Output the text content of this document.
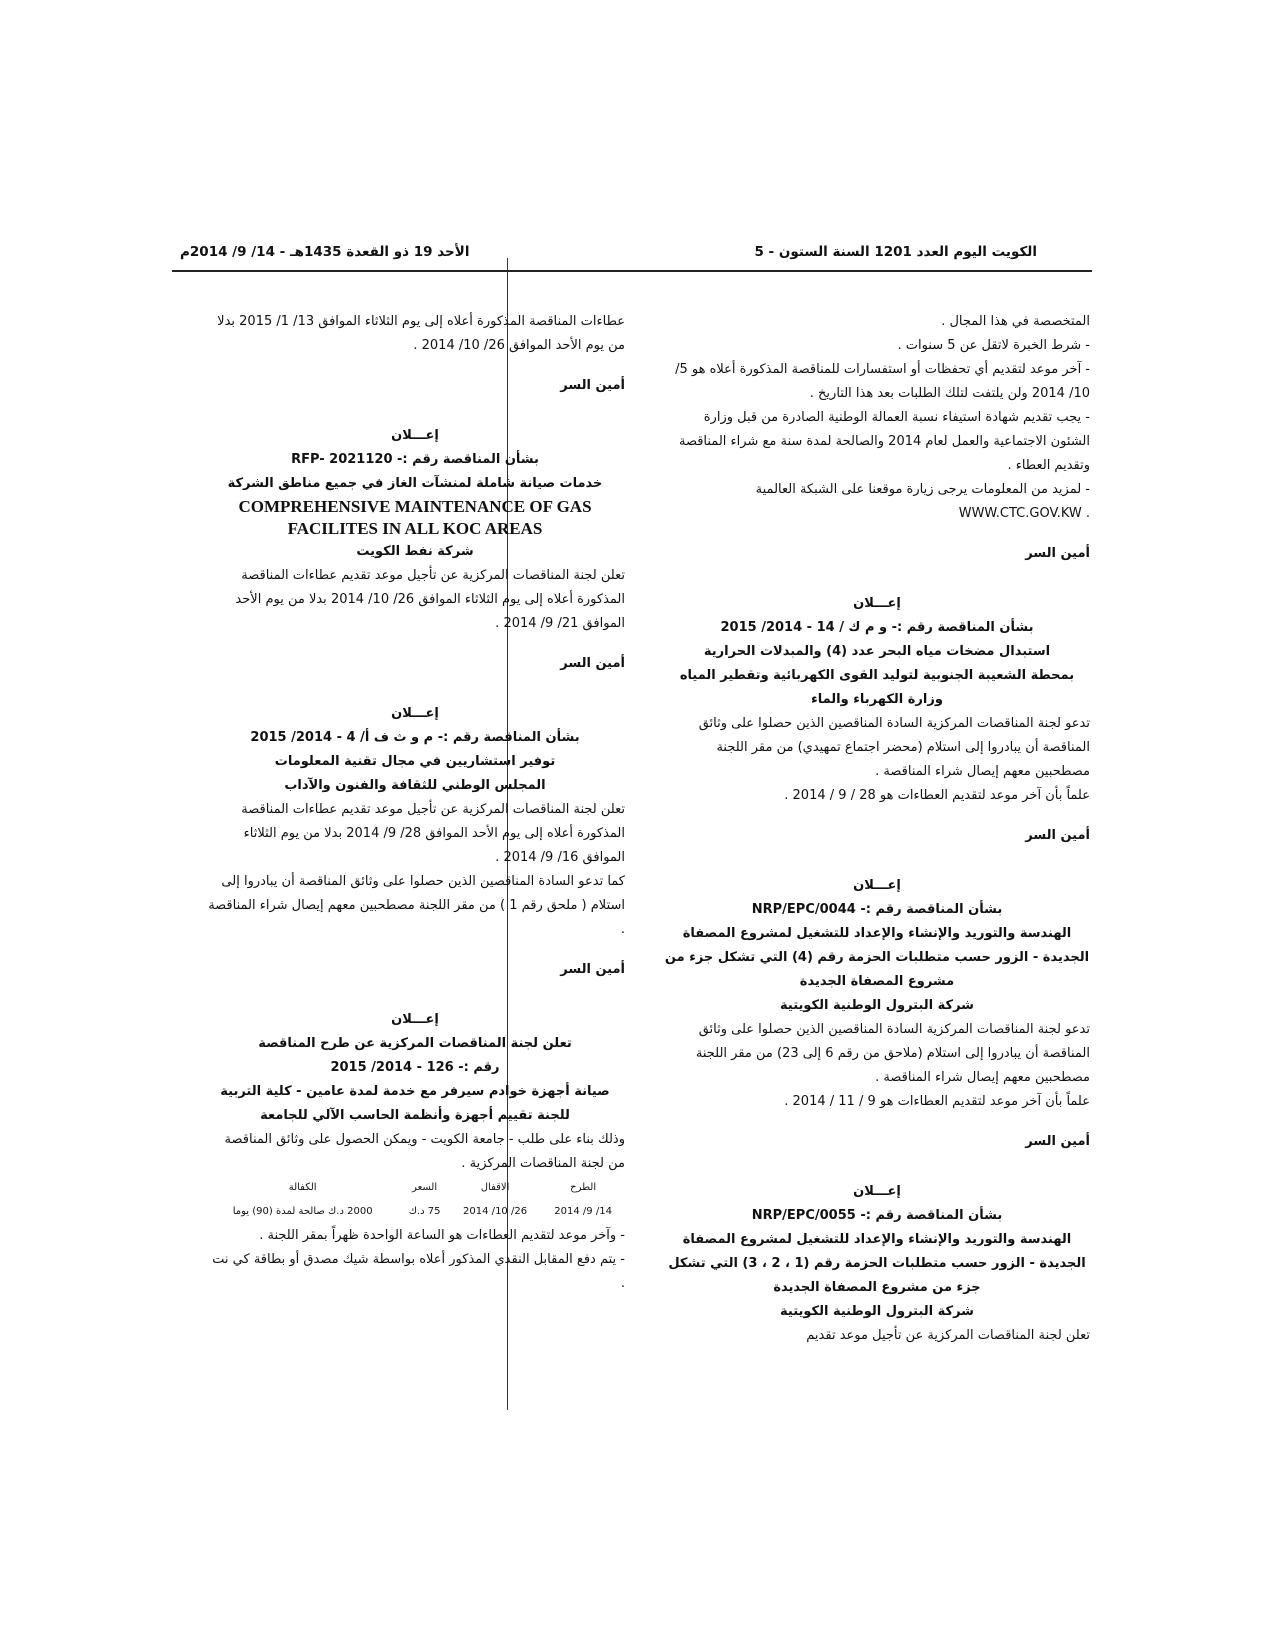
الكويت اليوم العدد 1201 السنة الستون - 5
الأحد 19 ذو القعدة 1435هـ - 14/ 9/ 2014م

المتخصصة في هذا المجال .

- شرط الخبرة لاتقل عن 5 سنوات .

- آخر موعد لتقديم أي تحفظات أو استفسارات للمناقصة المذكورة أعلاه هو 5/ 10/ 2014 ولن يلتفت لتلك الطلبات بعد هذا التاريخ .

- يجب تقديم شهادة استيفاء نسبة العمالة الوطنية الصادرة من قبل وزارة الشئون الاجتماعية والعمل لعام 2014 والصالحة لمدة سنة مع شراء المناقصة وتقديم العطاء .

- لمزيد من المعلومات يرجى زيارة موقعنا على الشبكة العالمية

WWW.CTC.GOV.KW .

أمين السر

إعـــلان

بشأن المناقصة رقم :- و م ك / 14 - 2014/ 2015

استبدال مضخات مياه البحر عدد (4) والمبدلات الحرارية

بمحطة الشعيبة الجنوبية لتوليد القوى الكهربائية وتقطير المياه

وزارة الكهرباء والماء

تدعو لجنة المناقصات المركزية السادة المناقصين الذين حصلوا على وثائق المناقصة أن يبادروا إلى استلام (محضر اجتماع تمهيدي) من مقر اللجنة مصطحبين معهم إيصال شراء المناقصة .

علماً بأن آخر موعد لتقديم العطاءات هو 28 / 9 / 2014 .

أمين السر

إعـــلان

بشأن المناقصة رقم :- NRP/EPC/0044

الهندسة والتوريد والإنشاء والإعداد للتشغيل لمشروع المصفاة الجديدة - الزور حسب متطلبات الحزمة رقم (4) التي تشكل جزء من مشروع المصفاة الجديدة

شركة البترول الوطنية الكويتية

تدعو لجنة المناقصات المركزية السادة المناقصين الذين حصلوا على وثائق المناقصة أن يبادروا إلى استلام (ملاحق من رقم 6 إلى 23) من مقر اللجنة مصطحبين معهم إيصال شراء المناقصة .

علماً بأن آخر موعد لتقديم العطاءات هو 9 / 11 / 2014 .

أمين السر

إعـــلان

بشأن المناقصة رقم :- NRP/EPC/0055

الهندسة والتوريد والإنشاء والإعداد للتشغيل لمشروع المصفاة الجديدة - الزور حسب متطلبات الحزمة رقم (1 ، 2 ، 3) التي تشكل جزء من مشروع المصفاة الجديدة

شركة البترول الوطنية الكويتية

تعلن لجنة المناقصات المركزية عن تأجيل موعد تقديم

عطاءات المناقصة المذكورة أعلاه إلى يوم الثلاثاء الموافق 13/ 1/ 2015 بدلا من يوم الأحد الموافق 26/ 10/ 2014 .

أمين السر

إعـــلان

بشأن المناقصة رقم :- RFP- 2021120

خدمات صيانة شاملة لمنشآت الغاز في جميع مناطق الشركة

COMPREHENSIVE MAINTENANCE OF GAS

FACILITES IN ALL KOC AREAS

شركة نفط الكويت

تعلن لجنة المناقصات المركزية عن تأجيل موعد تقديم عطاءات المناقصة المذكورة أعلاه إلى يوم الثلاثاء الموافق 26/ 10/ 2014 بدلا من يوم الأحد الموافق 21/ 9/ 2014 .

أمين السر

إعـــلان

بشأن المناقصة رقم :- م و ث ف أ/ 4 - 2014/ 2015

توفير استشاريين في مجال تقنية المعلومات

المجلس الوطني للثقافة والفنون والآداب

تعلن لجنة المناقصات المركزية عن تأجيل موعد تقديم عطاءات المناقصة المذكورة أعلاه إلى يوم الأحد الموافق 28/ 9/ 2014 بدلا من يوم الثلاثاء الموافق 16/ 9/ 2014 .

كما تدعو السادة المناقصين الذين حصلوا على وثائق المناقصة أن يبادروا إلى استلام ( ملحق رقم 1 ) من مقر اللجنة مصطحبين معهم إيصال شراء المناقصة .

أمين السر

إعـــلان

تعلن لجنة المناقصات المركزية عن طرح المناقصة

رقم :- 126 - 2014/ 2015

صيانة أجهزة خوادم سيرفر مع خدمة لمدة عامين - كلية التربية

للجنة تقييم أجهزة وأنظمة الحاسب الآلي للجامعة

وذلك بناء على طلب - جامعة الكويت - ويمكن الحصول على وثائق المناقصة من لجنة المناقصات المركزية .

الطرح	الاقفال	السعر	الكفالة
14/ 9/ 2014	26/ 10/ 2014	75 د.ك	2000 د.ك صالحة لمدة (90) يوما

- وآخر موعد لتقديم العطاءات هو الساعة الواحدة ظهراً بمقر اللجنة .

- يتم دفع المقابل النقدي المذكور أعلاه بواسطة شيك مصدق أو بطاقة كي نت .
